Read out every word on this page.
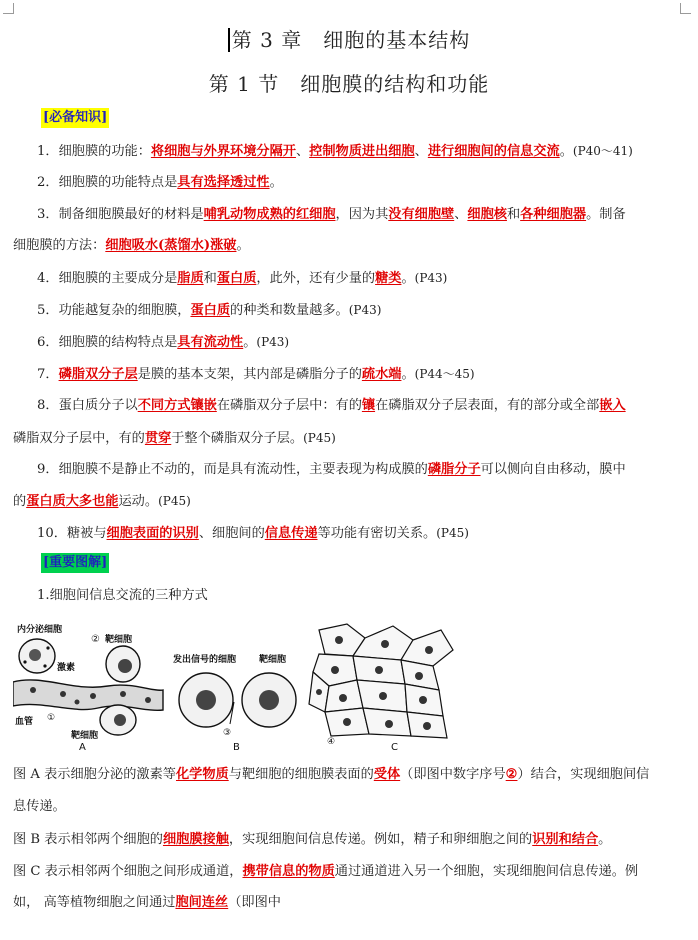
第 3 章　细胞的基本结构
第 1 节　细胞膜的结构和功能
[必备知识]
1．细胞膜的功能：将细胞与外界环境分隔开、控制物质进出细胞、进行细胞间的信息交流。(P40～41)
2．细胞膜的功能特点是具有选择透过性。
3．制备细胞膜最好的材料是哺乳动物成熟的红细胞，因为其没有细胞壁、细胞核和各种细胞器。制备
细胞膜的方法：细胞吸水(蒸馏水)涨破。
4．细胞膜的主要成分是脂质和蛋白质，此外，还有少量的糖类。(P43)
5．功能越复杂的细胞膜，蛋白质的种类和数量越多。(P43)
6．细胞膜的结构特点是具有流动性。(P43)
7．磷脂双分子层是膜的基本支架，其内部是磷脂分子的疏水端。(P44～45)
8．蛋白质分子以不同方式镶嵌在磷脂双分子层中：有的镶在磷脂双分子层表面，有的部分或全部嵌入
磷脂双分子层中，有的贯穿于整个磷脂双分子层。(P45)
9．细胞膜不是静止不动的，而是具有流动性，主要表现为构成膜的磷脂分子可以侧向自由移动，膜中
的蛋白质大多也能运动。(P45)
10．糖被与细胞表面的识别、细胞间的信息传递等功能有密切关系。(P45)
[重要图解]
1.细胞间信息交流的三种方式
内分泌细胞
② 靶细胞
激素
①
血管
靶细胞
A
发出信号的细胞	靶细胞
③
B	④	C
图 A 表示细胞分泌的激素等化学物质与靶细胞的细胞膜表面的受体（即图中数字序号②）结合，实现细胞间信
息传递。
图 B 表示相邻两个细胞的细胞膜接触，实现细胞间信息传递。例如，精子和卵细胞之间的识别和结合。
图 C 表示相邻两个细胞之间形成通道，携带信息的物质通过通道进入另一个细胞，实现细胞间信息传递。例
如， 高等植物细胞之间通过胞间连丝（即图中
